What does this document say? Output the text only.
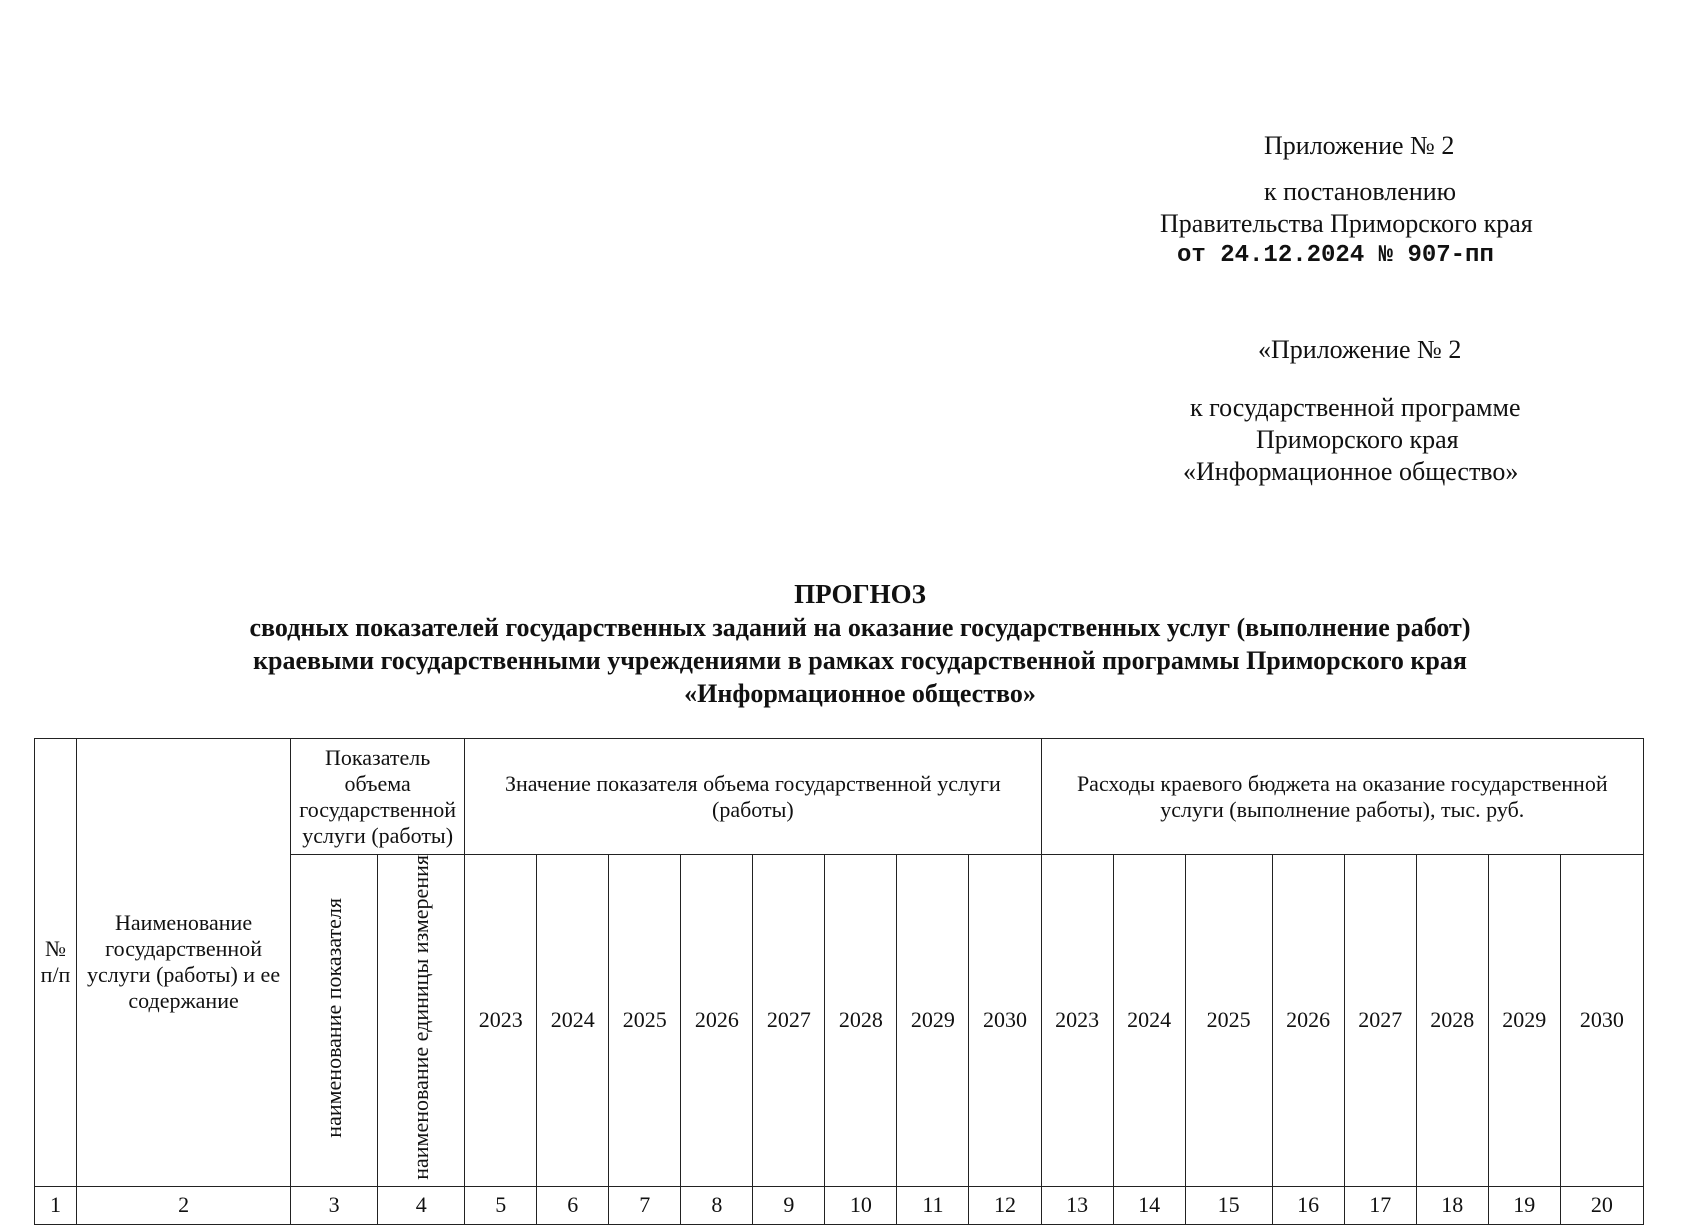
Приложение № 2
к постановлению
Правительства Приморского края
от 24.12.2024 № 907-пп
«Приложение № 2
к государственной программе
Приморского края
«Информационное общество»
ПРОГНОЗ
сводных показателей государственных заданий на оказание государственных услуг (выполнение работ)
краевыми государственными учреждениями в рамках государственной программы Приморского края
«Информационное общество»
№ п/п	Наименование государственной услуги (работы) и ее содержание	Показатель объема государственной услуги (работы)		Значение показателя объема государственной услуги (работы)								Расходы краевого бюджета на оказание государственной услуги (выполнение работы), тыс. руб.							
		наименование показателя	наименование единицы измерения	2023	2024	2025	2026	2027	2028	2029	2030	2023	2024	2025	2026	2027	2028	2029	2030
1	2	3	4	5	6	7	8	9	10	11	12	13	14	15	16	17	18	19	20
